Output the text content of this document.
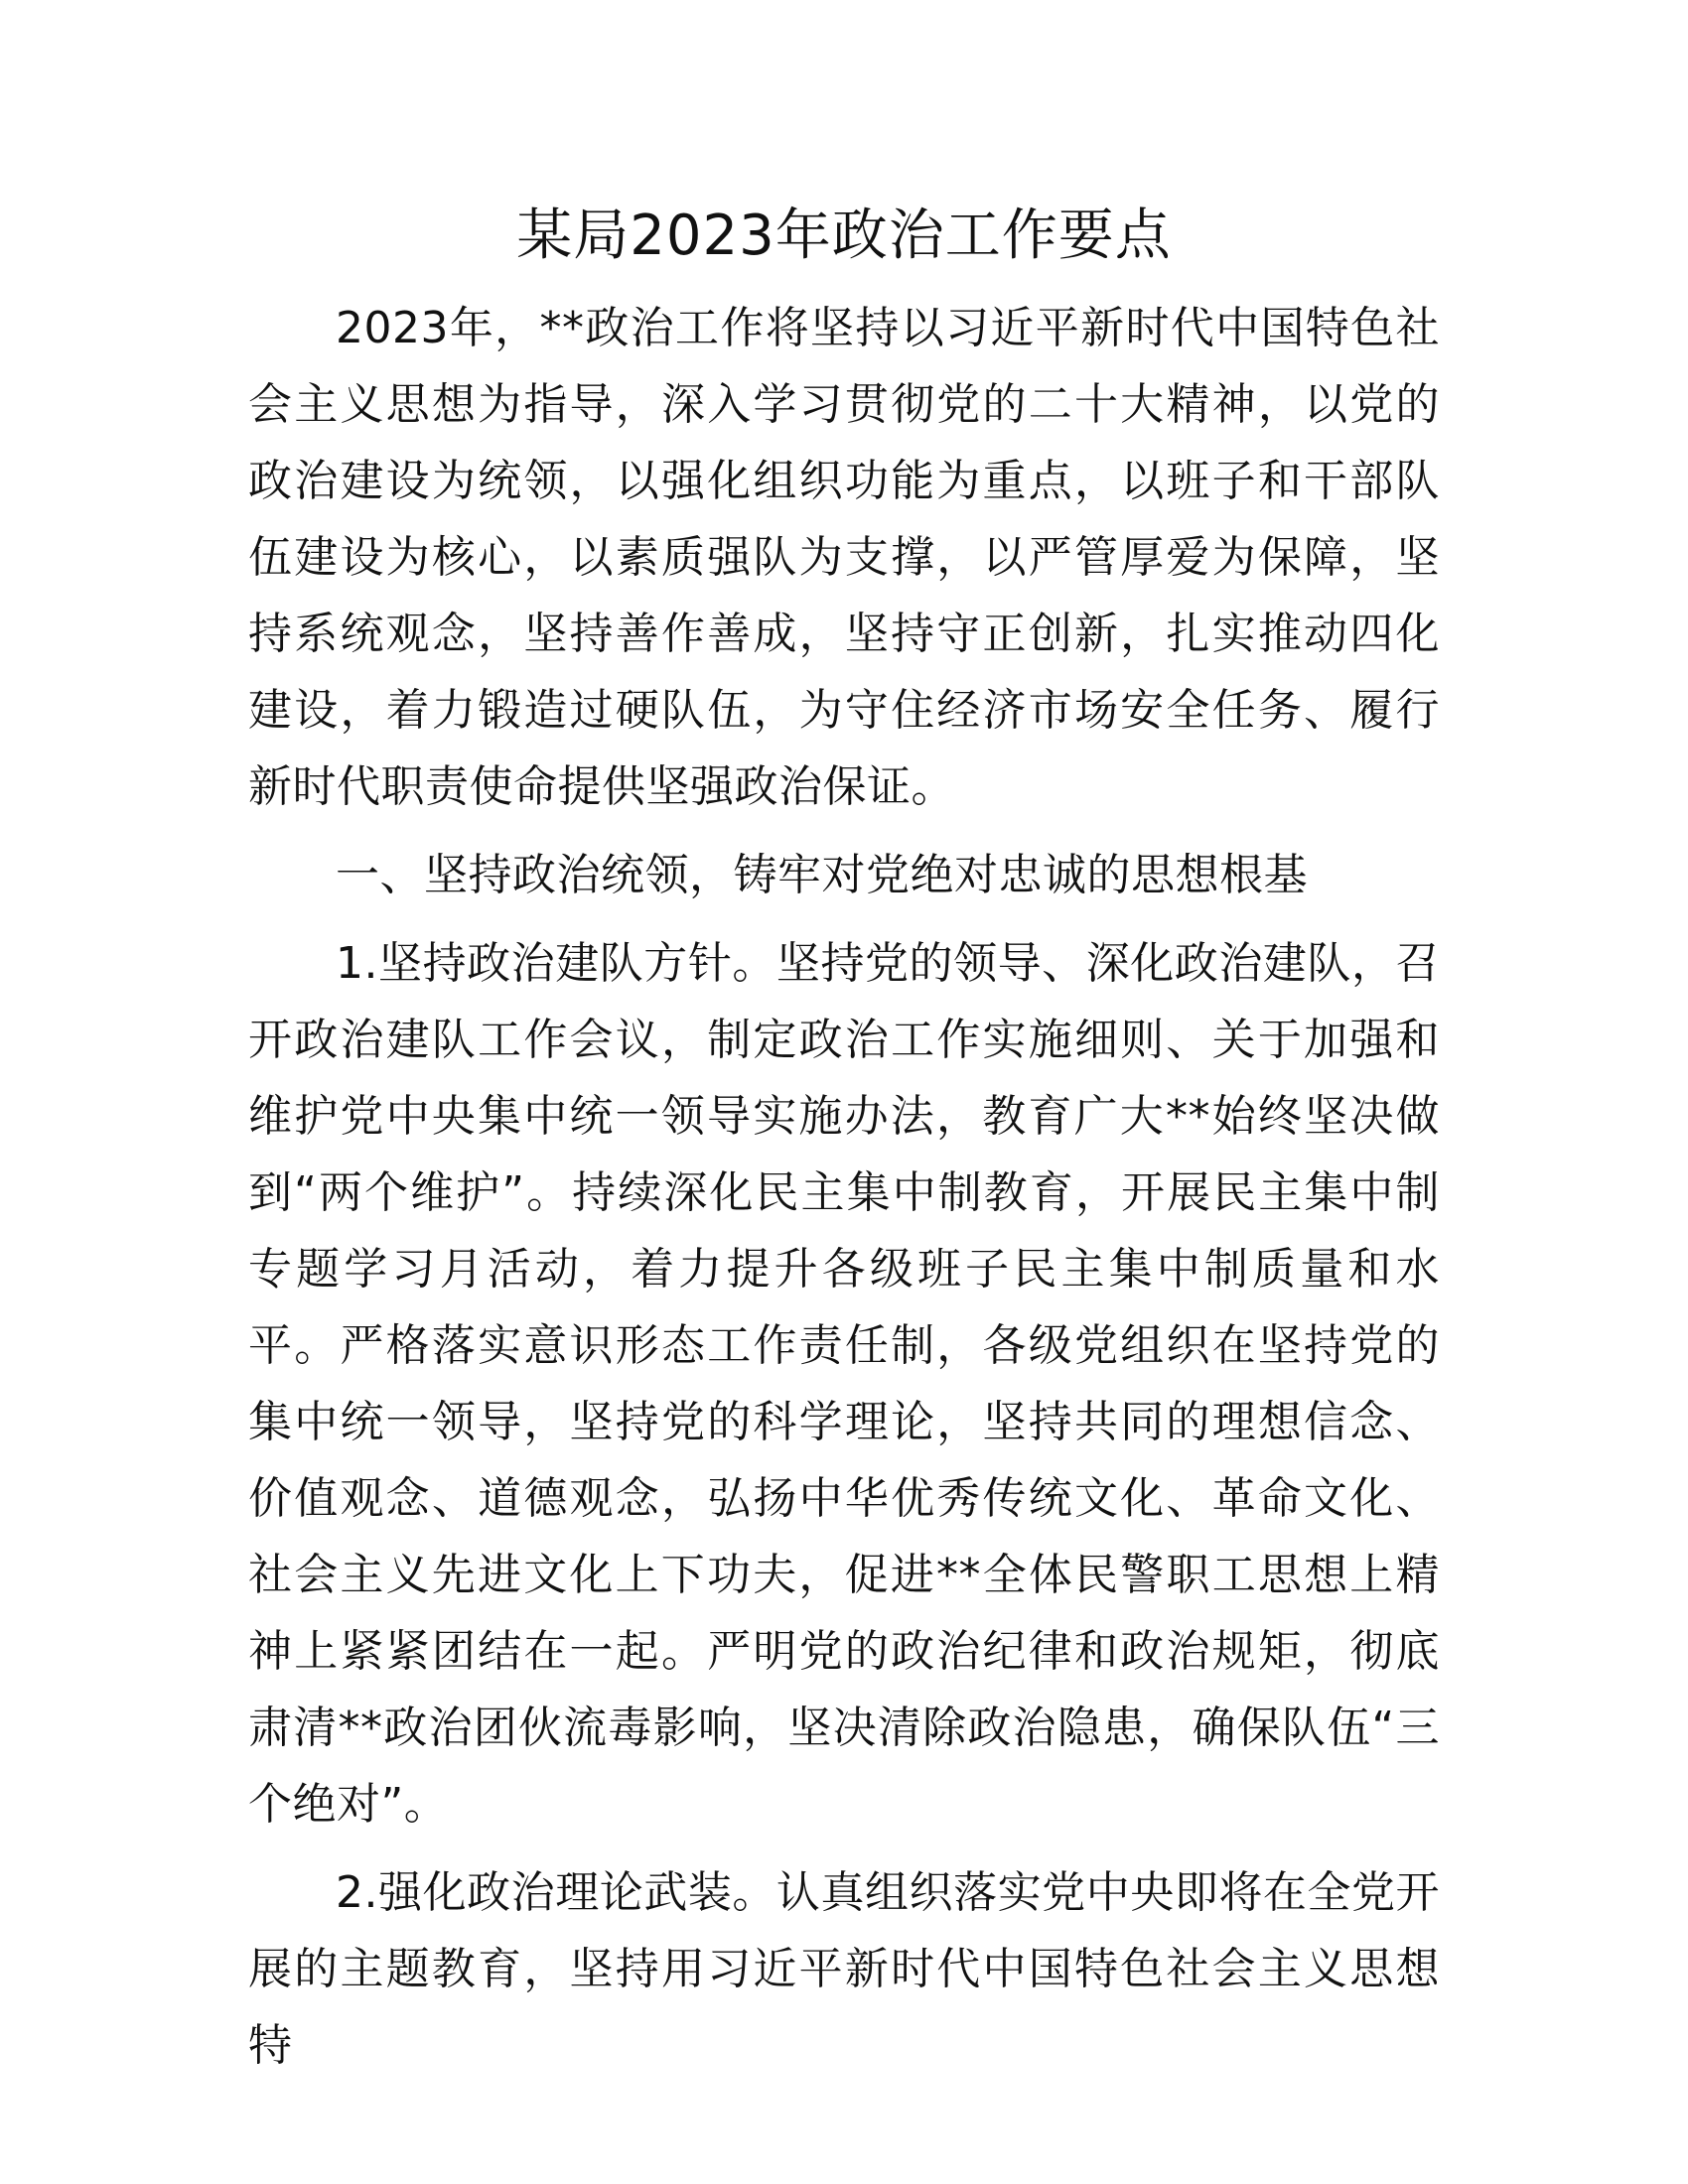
某局2023年政治工作要点

2023年，**政治工作将坚持以习近平新时代中国特色社会主义思想为指导，深入学习贯彻党的二十大精神，以党的政治建设为统领，以强化组织功能为重点，以班子和干部队伍建设为核心，以素质强队为支撑，以严管厚爱为保障，坚持系统观念，坚持善作善成，坚持守正创新，扎实推动四化建设，着力锻造过硬队伍，为守住经济市场安全任务、履行新时代职责使命提供坚强政治保证。

一、坚持政治统领，铸牢对党绝对忠诚的思想根基

1.坚持政治建队方针。坚持党的领导、深化政治建队，召开政治建队工作会议，制定政治工作实施细则、关于加强和维护党中央集中统一领导实施办法，教育广大**始终坚决做到“两个维护”。持续深化民主集中制教育，开展民主集中制专题学习月活动，着力提升各级班子民主集中制质量和水平。严格落实意识形态工作责任制，各级党组织在坚持党的集中统一领导，坚持党的科学理论，坚持共同的理想信念、价值观念、道德观念，弘扬中华优秀传统文化、革命文化、社会主义先进文化上下功夫，促进**全体民警职工思想上精神上紧紧团结在一起。严明党的政治纪律和政治规矩，彻底肃清**政治团伙流毒影响，坚决清除政治隐患，确保队伍“三个绝对”。

2.强化政治理论武装。认真组织落实党中央即将在全党开展的主题教育，坚持用习近平新时代中国特色社会主义思想特
